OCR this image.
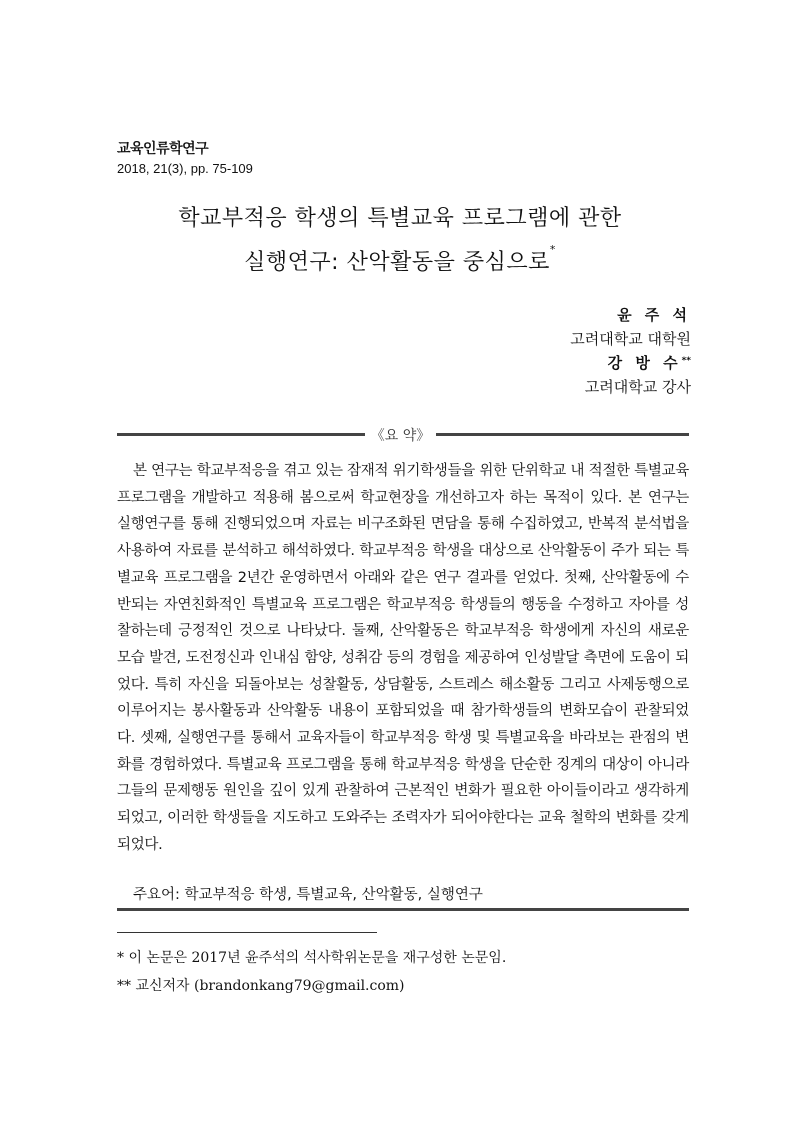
교육인류학연구
2018, 21(3), pp. 75-109
학교부적응 학생의 특별교육 프로그램에 관한
실행연구: 산악활동을 중심으로*
윤 주 석
고려대학교 대학원
강 방 수**
고려대학교 강사
《요 약》
본 연구는 학교부적응을 겪고 있는 잠재적 위기학생들을 위한 단위학교 내 적절한 특별교육 프로그램을 개발하고 적용해 봄으로써 학교현장을 개선하고자 하는 목적이 있다. 본 연구는 실행연구를 통해 진행되었으며 자료는 비구조화된 면담을 통해 수집하였고, 반복적 분석법을 사용하여 자료를 분석하고 해석하였다. 학교부적응 학생을 대상으로 산악활동이 주가 되는 특별교육 프로그램을 2년간 운영하면서 아래와 같은 연구 결과를 얻었다. 첫째, 산악활동에 수반되는 자연친화적인 특별교육 프로그램은 학교부적응 학생들의 행동을 수정하고 자아를 성찰하는데 긍정적인 것으로 나타났다. 둘째, 산악활동은 학교부적응 학생에게 자신의 새로운 모습 발견, 도전정신과 인내심 함양, 성취감 등의 경험을 제공하여 인성발달 측면에 도움이 되었다. 특히 자신을 되돌아보는 성찰활동, 상담활동, 스트레스 해소활동 그리고 사제동행으로 이루어지는 봉사활동과 산악활동 내용이 포함되었을 때 참가학생들의 변화모습이 관찰되었다. 셋째, 실행연구를 통해서 교육자들이 학교부적응 학생 및 특별교육을 바라보는 관점의 변화를 경험하였다. 특별교육 프로그램을 통해 학교부적응 학생을 단순한 징계의 대상이 아니라 그들의 문제행동 원인을 깊이 있게 관찰하여 근본적인 변화가 필요한 아이들이라고 생각하게 되었고, 이러한 학생들을 지도하고 도와주는 조력자가 되어야한다는 교육 철학의 변화를 갖게 되었다.
주요어: 학교부적응 학생, 특별교육, 산악활동, 실행연구
* 이 논문은 2017년 윤주석의 석사학위논문을 재구성한 논문임.
** 교신저자 (brandonkang79@gmail.com)
